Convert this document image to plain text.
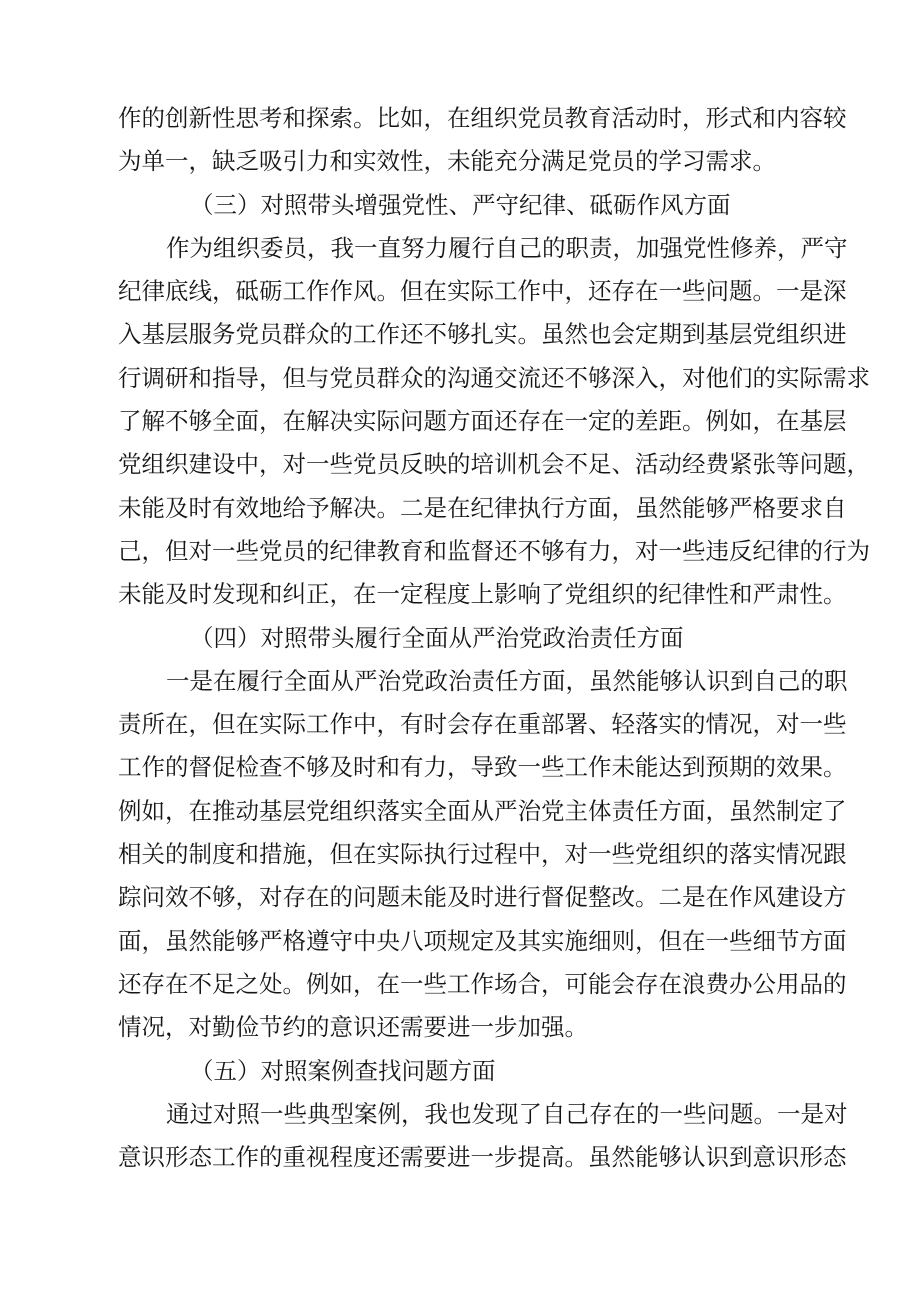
作的创新性思考和探索。比如，在组织党员教育活动时，形式和内容较
为单一，缺乏吸引力和实效性，未能充分满足党员的学习需求。
（三）对照带头增强党性、严守纪律、砥砺作风方面
作为组织委员，我一直努力履行自己的职责，加强党性修养，严守
纪律底线，砥砺工作作风。但在实际工作中，还存在一些问题。一是深
入基层服务党员群众的工作还不够扎实。虽然也会定期到基层党组织进
行调研和指导，但与党员群众的沟通交流还不够深入，对他们的实际需求
了解不够全面，在解决实际问题方面还存在一定的差距。例如，在基层
党组织建设中，对一些党员反映的培训机会不足、活动经费紧张等问题，
未能及时有效地给予解决。二是在纪律执行方面，虽然能够严格要求自
己，但对一些党员的纪律教育和监督还不够有力，对一些违反纪律的行为
未能及时发现和纠正，在一定程度上影响了党组织的纪律性和严肃性。
（四）对照带头履行全面从严治党政治责任方面
一是在履行全面从严治党政治责任方面，虽然能够认识到自己的职
责所在，但在实际工作中，有时会存在重部署、轻落实的情况，对一些
工作的督促检查不够及时和有力，导致一些工作未能达到预期的效果。
例如，在推动基层党组织落实全面从严治党主体责任方面，虽然制定了
相关的制度和措施，但在实际执行过程中，对一些党组织的落实情况跟
踪问效不够，对存在的问题未能及时进行督促整改。二是在作风建设方
面，虽然能够严格遵守中央八项规定及其实施细则，但在一些细节方面
还存在不足之处。例如，在一些工作场合，可能会存在浪费办公用品的
情况，对勤俭节约的意识还需要进一步加强。
（五）对照案例查找问题方面
通过对照一些典型案例，我也发现了自己存在的一些问题。一是对
意识形态工作的重视程度还需要进一步提高。虽然能够认识到意识形态
